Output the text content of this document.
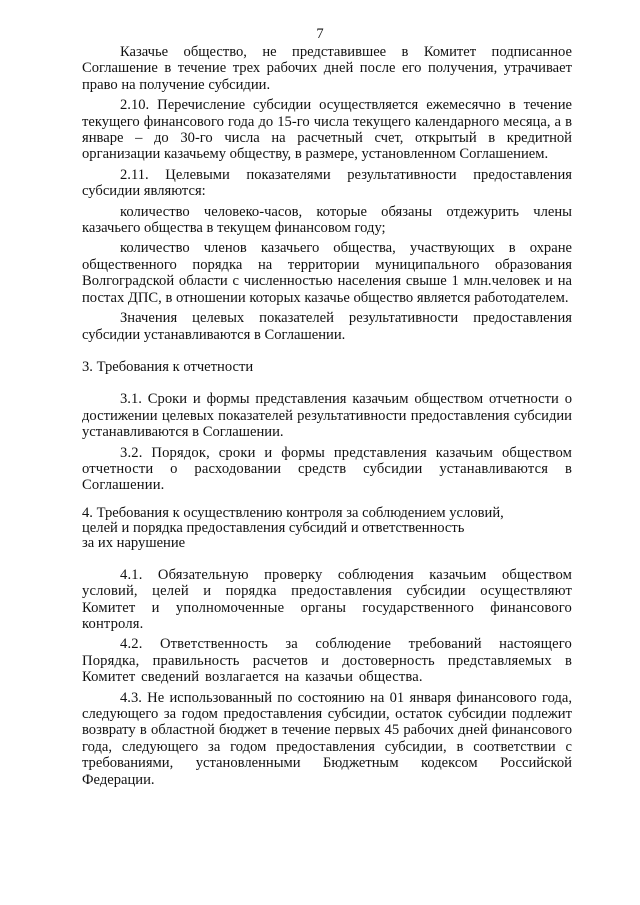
7

Казачье общество, не представившее в Комитет подписанное Соглашение в течение трех рабочих дней после его получения, утрачивает право на получение субсидии.

2.10. Перечисление субсидии осуществляется ежемесячно в течение текущего финансового года до 15-го числа текущего календарного месяца, а в январе – до 30-го числа на расчетный счет, открытый в кредитной организации казачьему обществу, в размере, установленном Соглашением.

2.11. Целевыми показателями результативности предоставления субсидии являются:

количество человеко-часов, которые обязаны отдежурить члены казачьего общества в текущем финансовом году;

количество членов казачьего общества, участвующих в охране общественного порядка на территории муниципального образования Волгоградской области с численностью населения свыше 1 млн.человек и на постах ДПС, в отношении которых казачье общество является работодателем.

Значения целевых показателей результативности предоставления субсидии устанавливаются в Соглашении.

3. Требования к отчетности

3.1. Сроки и формы представления казачьим обществом отчетности о достижении целевых показателей результативности предоставления субсидии устанавливаются в Соглашении.

3.2. Порядок, сроки и формы представления казачьим обществом отчетности о расходовании средств субсидии устанавливаются в Соглашении.

4. Требования к осуществлению контроля за соблюдением условий,

целей и порядка предоставления субсидий и ответственность

за их нарушение

4.1. Обязательную проверку соблюдения казачьим обществом условий, целей и порядка предоставления субсидии осуществляют Комитет и уполномоченные органы государственного финансового контроля.

4.2. Ответственность за соблюдение требований настоящего Порядка, правильность расчетов и достоверность представляемых в Комитет сведений возлагается на казачьи общества.

4.3. Не использованный по состоянию на 01 января финансового года, следующего за годом предоставления субсидии, остаток субсидии подлежит возврату в областной бюджет в течение первых 45 рабочих дней финансового года, следующего за годом предоставления субсидии, в соответствии с требованиями, установленными Бюджетным кодексом Российской Федерации.
